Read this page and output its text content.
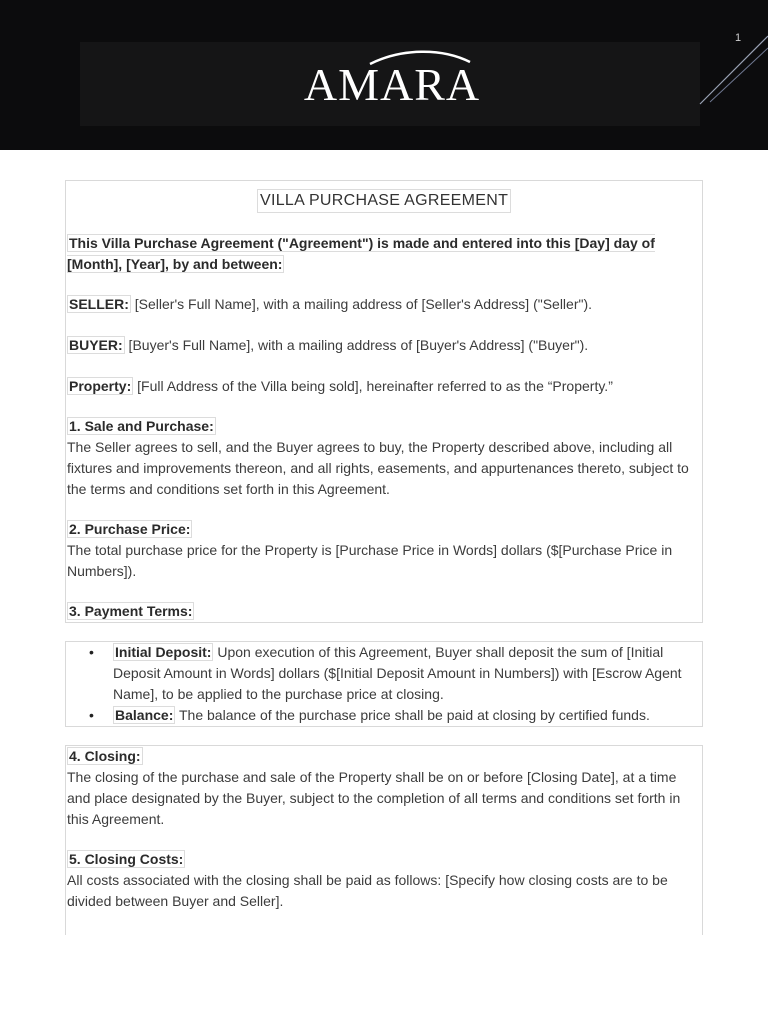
AMARA
1
VILLA PURCHASE AGREEMENT
This Villa Purchase Agreement ("Agreement") is made and entered into this [Day] day of [Month], [Year], by and between:
SELLER: [Seller's Full Name], with a mailing address of [Seller's Address] ("Seller").
BUYER: [Buyer's Full Name], with a mailing address of [Buyer's Address] ("Buyer").
Property: [Full Address of the Villa being sold], hereinafter referred to as the “Property.”
1. Sale and Purchase:
The Seller agrees to sell, and the Buyer agrees to buy, the Property described above, including all fixtures and improvements thereon, and all rights, easements, and appurtenances thereto, subject to the terms and conditions set forth in this Agreement.
2. Purchase Price:
The total purchase price for the Property is [Purchase Price in Words] dollars ($[Purchase Price in Numbers]).
3. Payment Terms:
• Initial Deposit: Upon execution of this Agreement, Buyer shall deposit the sum of [Initial Deposit Amount in Words] dollars ($[Initial Deposit Amount in Numbers]) with [Escrow Agent Name], to be applied to the purchase price at closing.
• Balance: The balance of the purchase price shall be paid at closing by certified funds.
4. Closing:
The closing of the purchase and sale of the Property shall be on or before [Closing Date], at a time and place designated by the Buyer, subject to the completion of all terms and conditions set forth in this Agreement.
5. Closing Costs:
All costs associated with the closing shall be paid as follows: [Specify how closing costs are to be divided between Buyer and Seller].
